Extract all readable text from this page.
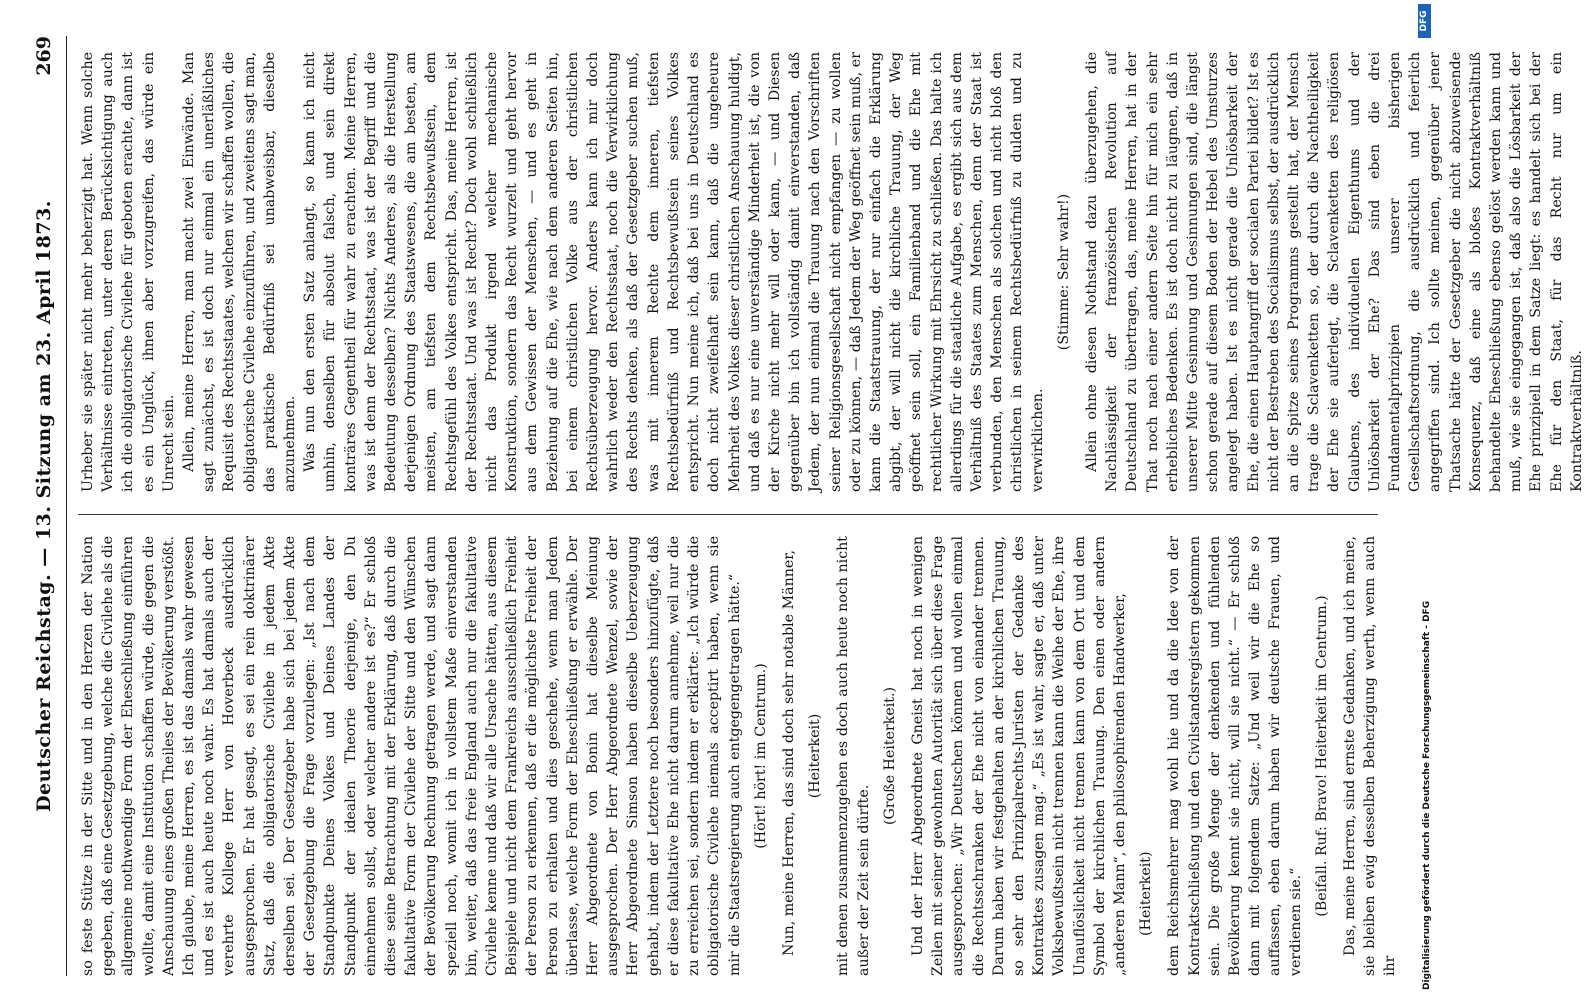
Deutscher Reichstag. — 13. Sitzung am 23. April 1873.
269

so feste Stütze in der Sitte und in den Herzen der Nation gegeben, daß eine Gesetzgebung, welche die Civilehe als die allgemeine nothwendige Form der Eheschließung einführen wollte, damit eine Institution schaffen würde, die gegen die Anschauung eines großen Theiles der Bevölkerung verstößt. Ich glaube, meine Herren, es ist das damals wahr gewesen und es ist auch heute noch wahr. Es hat damals auch der verehrte Kollege Herr von Hoverbeck ausdrücklich ausgesprochen. Er hat gesagt, es sei ein rein doktrinärer Satz, daß die obligatorische Civilehe in jedem Akte derselben sei. Der Gesetzgeber habe sich bei jedem Akte der Gesetzgebung die Frage vorzulegen: „Ist nach dem Standpunkte Deines Volkes und Deines Landes der Standpunkt der idealen Theorie derjenige, den Du einnehmen sollst, oder welcher andere ist es?“ Er schloß diese seine Betrachtung mit der Erklärung, daß durch die fakultative Form der Civilehe der Sitte und den Wünschen der Bevölkerung Rechnung getragen werde, und sagt dann speziell noch, womit ich in vollstem Maße einverstanden bin, weiter, daß das freie England auch nur die fakultative Civilehe kenne und daß wir alle Ursache hätten, aus diesem Beispiele und nicht dem Frankreichs ausschließlich Freiheit der Person zu erkennen, daß er die möglichste Freiheit der Person zu erhalten und dies geschehe, wenn man Jedem überlasse, welche Form der Eheschließung er erwähle. Der Herr Abgeordnete von Bonin hat dieselbe Meinung ausgesprochen. Der Herr Abgeordnete Wenzel, sowie der Herr Abgeordnete Simson haben dieselbe Ueberzeugung gehabt, indem der Letztere noch besonders hinzufügte, daß er diese fakultative Ehe nicht darum annehme, weil nur die zu erreichen sei, sondern indem er erklärte: „Ich würde die obligatorische Civilehe niemals acceptirt haben, wenn sie mir die Staatsregierung auch entgegengetragen hätte.“ (Hört! hört! im Centrum.) Nun, meine Herren, das sind doch sehr notable Männer, (Heiterkeit) mit denen zusammenzugehen es doch auch heute noch nicht außer der Zeit sein dürfte.

(Große Heiterkeit.) Und der Herr Abgeordnete Gneist hat noch in wenigen Zeilen mit seiner gewohnten Autorität sich über diese Frage ausgesprochen: „Wir Deutschen können und wollen einmal die Rechtsschranken der Ehe nicht von einander trennen. Darum haben wir festgehalten an der kirchlichen Trauung, so sehr den Prinzipalrechts-Juristen der Gedanke des Kontraktes zusagen mag.“ „Es ist wahr, sagte er, daß unter Volksbewußtsein nicht trennen kann die Weihe der Ehe, ihre Unauflöslichkeit nicht trennen kann von dem Ort und dem Symbol der kirchlichen Trauung. Den einen oder andern „anderen Mann“, den philosophirenden Handwerker, (Heiterkeit) dem Reichsmehrer mag wohl hie und da die Idee von der Kontraktschließung und den Civilstandsregistern gekommen sein. Die große Menge der denkenden und fühlenden Bevölkerung kennt sie nicht, will sie nicht.“ — Er schloß dann mit folgendem Satze: „Und weil wir die Ehe so auffassen, eben darum haben wir deutsche Frauen, und verdienen sie.“

(Beifall. Ruf: Bravo! Heiterkeit im Centrum.) Das, meine Herren, sind ernste Gedanken, und ich meine, sie bleiben ewig desselben Beherzigung werth, wenn auch ihr

Urheber sie später nicht mehr beherzigt hat. Wenn solche Verhältnisse eintreten, unter deren Berücksichtigung auch ich die obligatorische Civilehe für geboten erachte, dann ist es ein Unglück, ihnen aber vorzugreifen, das würde ein Unrecht sein. Allein, meine Herren, man macht zwei Einwände. Man sagt zunächst, es ist doch nur einmal ein unerläßliches Requisit des Rechtsstaates, welchen wir schaffen wollen, die obligatorische Civilehe einzuführen, und zweitens sagt man, das praktische Bedürfniß sei unabweisbar, dieselbe anzunehmen. Was nun den ersten Satz anlangt, so kann ich nicht umhin, denselben für absolut falsch, und sein direkt konträres Gegentheil für wahr zu erachten. Meine Herren, was ist denn der Rechtsstaat, was ist der Begriff und die Bedeutung desselben? Nichts Anderes, als die Herstellung derjenigen Ordnung des Staatswesens, die am besten, am meisten, am tiefsten dem Rechtsbewußtsein, dem Rechtsgefühl des Volkes entspricht. Das, meine Herren, ist der Rechtsstaat. Und was ist Recht? Doch wohl schließlich nicht das Produkt irgend welcher mechanische Konstruktion, sondern das Recht wurzelt und geht hervor aus dem Gewissen der Menschen, — und es geht in Beziehung auf die Ehe, wie nach dem anderen Seiten hin, bei einem christlichen Volke aus der christlichen Rechtsüberzeugung hervor. Anders kann ich mir doch wahrlich weder den Rechtsstaat, noch die Verwirklichung des Rechts denken, als daß der Gesetzgeber suchen muß, was mit innerem Rechte dem inneren, tiefsten Rechtsbedürfniß und Rechtsbewußtsein seines Volkes entspricht. Nun meine ich, daß bei uns in Deutschland es doch nicht zweifelhaft sein kann, daß die ungeheure Mehrheit des Volkes dieser christlichen Anschauung huldigt, und daß es nur eine unverständige Minderheit ist, die von der Kirche nicht mehr will oder kann, — und Diesen gegenüber bin ich vollständig damit einverstanden, daß Jedem, der nun einmal die Trauung nach den Vorschriften seiner Religionsgesellschaft nicht empfangen — zu wollen oder zu können, — daß Jedem der Weg geöffnet sein muß, er kann die Staatstrauung, der nur einfach die Erklärung abgibt, der will nicht die kirchliche Trauung, der Weg geöffnet sein soll, ein Familienband und die Ehe mit rechtlicher Wirkung mit Ehrsicht zu schließen. Das halte ich allerdings für die staatliche Aufgabe, es ergibt sich aus dem Verhältniß des Staates zum Menschen, denn der Staat ist verbunden, den Menschen als solchen und nicht bloß den christlichen in seinem Rechtsbedürfniß zu dulden und zu verwirklichen.

(Stimme: Sehr wahr!) Allein ohne diesen Nothstand dazu überzugehen, die Nachlässigkeit der französischen Revolution auf Deutschland zu übertragen, das, meine Herren, hat in der That noch nach einer andern Seite hin für mich ein sehr erhebliches Bedenken. Es ist doch nicht zu läugnen, daß in unserer Mitte Gesinnung und Gesinnungen sind, die längst schon gerade auf diesem Boden der Hebel des Umsturzes angelegt haben. Ist es nicht gerade die Unlösbarkeit der Ehe, die einen Hauptangriff der socialen Partei bildet? Ist es nicht der Bestreben des Socialismus selbst, der ausdrücklich an die Spitze seines Programms gestellt hat, der Mensch trage die Sclavenketten so, der durch die Nachtheiligkeit der Ehe sie auferlegt, die Sclavenketten des religiösen Glaubens, des individuellen Eigenthums und der Unlösbarkeit der Ehe? Das sind eben die drei Fundamentalprinzipien unserer bisherigen Gesellschaftsordnung, die ausdrücklich und feierlich angegriffen sind. Ich sollte meinen, gegenüber jener Thatsache hätte der Gesetzgeber die nicht abzuweisende Konsequenz, daß eine als bloßes Kontraktverhältniß behandelte Eheschließung ebenso gelöst werden kann und muß, wie sie eingegangen ist, daß also die Lösbarkeit der Ehe prinzipiell in dem Satze liegt: es handelt sich bei der Ehe für den Staat, für das Recht nur um ein Kontraktverhältniß.

DFG
Digitalisierung gefördert durch die Deutsche Forschungsgemeinschaft - DFG
